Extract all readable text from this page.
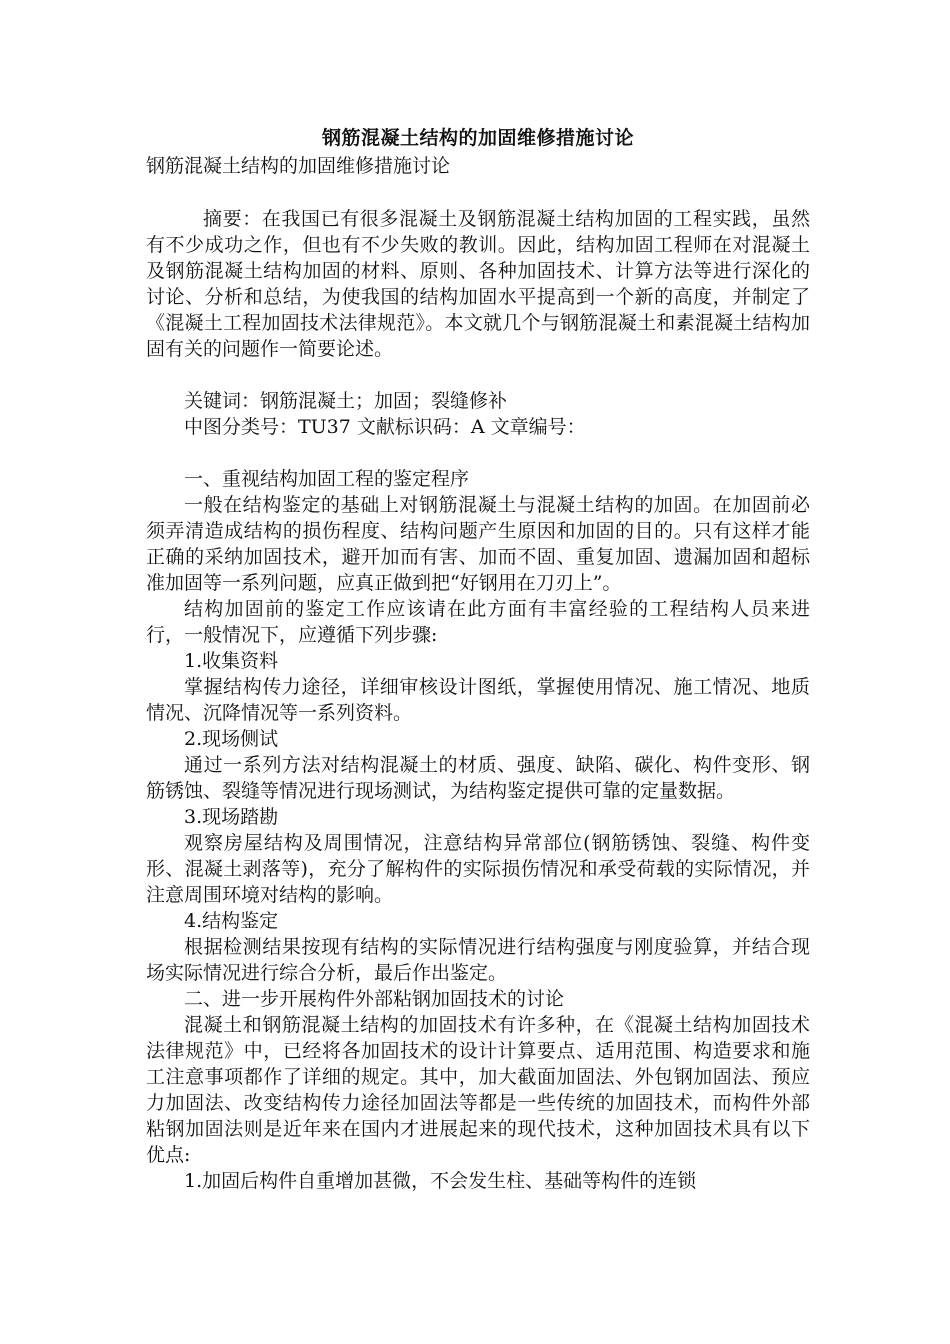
钢筋混凝土结构的加固维修措施讨论
钢筋混凝土结构的加固维修措施讨论

摘要：在我国已有很多混凝土及钢筋混凝土结构加固的工程实践，虽然有不少成功之作，但也有不少失败的教训。因此，结构加固工程师在对混凝土及钢筋混凝土结构加固的材料、原则、各种加固技术、计算方法等进行深化的讨论、分析和总结，为使我国的结构加固水平提高到一个新的高度，并制定了《混凝土工程加固技术法律规范》。本文就几个与钢筋混凝土和素混凝土结构加固有关的问题作一简要论述。

关键词：钢筋混凝土；加固；裂缝修补

中图分类号：TU37 文献标识码：A 文章编号：

一、重视结构加固工程的鉴定程序

一般在结构鉴定的基础上对钢筋混凝土与混凝土结构的加固。在加固前必须弄清造成结构的损伤程度、结构问题产生原因和加固的目的。只有这样才能正确的采纳加固技术，避开加而有害、加而不固、重复加固、遗漏加固和超标准加固等一系列问题，应真正做到把“好钢用在刀刃上”。

结构加固前的鉴定工作应该请在此方面有丰富经验的工程结构人员来进行，一般情况下，应遵循下列步骤:

1.收集资料

掌握结构传力途径，详细审核设计图纸，掌握使用情况、施工情况、地质情况、沉降情况等一系列资料。

2.现场侧试

通过一系列方法对结构混凝土的材质、强度、缺陷、碳化、构件变形、钢筋锈蚀、裂缝等情况进行现场测试，为结构鉴定提供可靠的定量数据。

3.现场踏勘

观察房屋结构及周围情况，注意结构异常部位(钢筋锈蚀、裂缝、构件变形、混凝土剥落等)，充分了解构件的实际损伤情况和承受荷载的实际情况，并注意周围环境对结构的影响。

4.结构鉴定

根据检测结果按现有结构的实际情况进行结构强度与刚度验算，并结合现场实际情况进行综合分析，最后作出鉴定。

二、进一步开展构件外部粘钢加固技术的讨论

混凝土和钢筋混凝土结构的加固技术有许多种，在《混凝土结构加固技术法律规范》中，已经将各加固技术的设计计算要点、适用范围、构造要求和施工注意事项都作了详细的规定。其中，加大截面加固法、外包钢加固法、预应力加固法、改变结构传力途径加固法等都是一些传统的加固技术，而构件外部粘钢加固法则是近年来在国内才进展起来的现代技术，这种加固技术具有以下优点:

1.加固后构件自重增加甚微，不会发生柱、基础等构件的连锁
